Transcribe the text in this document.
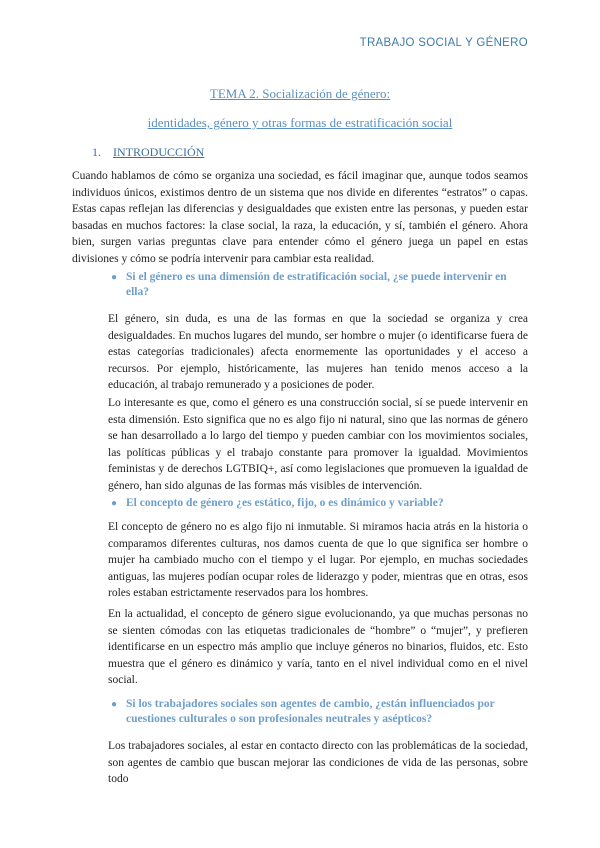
TRABAJO SOCIAL Y GÉNERO
TEMA 2. Socialización de género:
identidades, género y otras formas de estratificación social
1. INTRODUCCIÓN
Cuando hablamos de cómo se organiza una sociedad, es fácil imaginar que, aunque todos seamos individuos únicos, existimos dentro de un sistema que nos divide en diferentes “estratos” o capas. Estas capas reflejan las diferencias y desigualdades que existen entre las personas, y pueden estar basadas en muchos factores: la clase social, la raza, la educación, y sí, también el género. Ahora bien, surgen varias preguntas clave para entender cómo el género juega un papel en estas divisiones y cómo se podría intervenir para cambiar esta realidad.
● Si el género es una dimensión de estratificación social, ¿se puede intervenir en ella?
El género, sin duda, es una de las formas en que la sociedad se organiza y crea desigualdades. En muchos lugares del mundo, ser hombre o mujer (o identificarse fuera de estas categorías tradicionales) afecta enormemente las oportunidades y el acceso a recursos. Por ejemplo, históricamente, las mujeres han tenido menos acceso a la educación, al trabajo remunerado y a posiciones de poder.
Lo interesante es que, como el género es una construcción social, sí se puede intervenir en esta dimensión. Esto significa que no es algo fijo ni natural, sino que las normas de género se han desarrollado a lo largo del tiempo y pueden cambiar con los movimientos sociales, las políticas públicas y el trabajo constante para promover la igualdad. Movimientos feministas y de derechos LGTBIQ+, así como legislaciones que promueven la igualdad de género, han sido algunas de las formas más visibles de intervención.
● El concepto de género ¿es estático, fijo, o es dinámico y variable?
El concepto de género no es algo fijo ni inmutable. Si miramos hacia atrás en la historia o comparamos diferentes culturas, nos damos cuenta de que lo que significa ser hombre o mujer ha cambiado mucho con el tiempo y el lugar. Por ejemplo, en muchas sociedades antiguas, las mujeres podían ocupar roles de liderazgo y poder, mientras que en otras, esos roles estaban estrictamente reservados para los hombres.
En la actualidad, el concepto de género sigue evolucionando, ya que muchas personas no se sienten cómodas con las etiquetas tradicionales de “hombre” o “mujer”, y prefieren identificarse en un espectro más amplio que incluye géneros no binarios, fluidos, etc. Esto muestra que el género es dinámico y varía, tanto en el nivel individual como en el nivel social.
● Si los trabajadores sociales son agentes de cambio, ¿están influenciados por cuestiones culturales o son profesionales neutrales y asépticos?
Los trabajadores sociales, al estar en contacto directo con las problemáticas de la sociedad, son agentes de cambio que buscan mejorar las condiciones de vida de las personas, sobre todo
